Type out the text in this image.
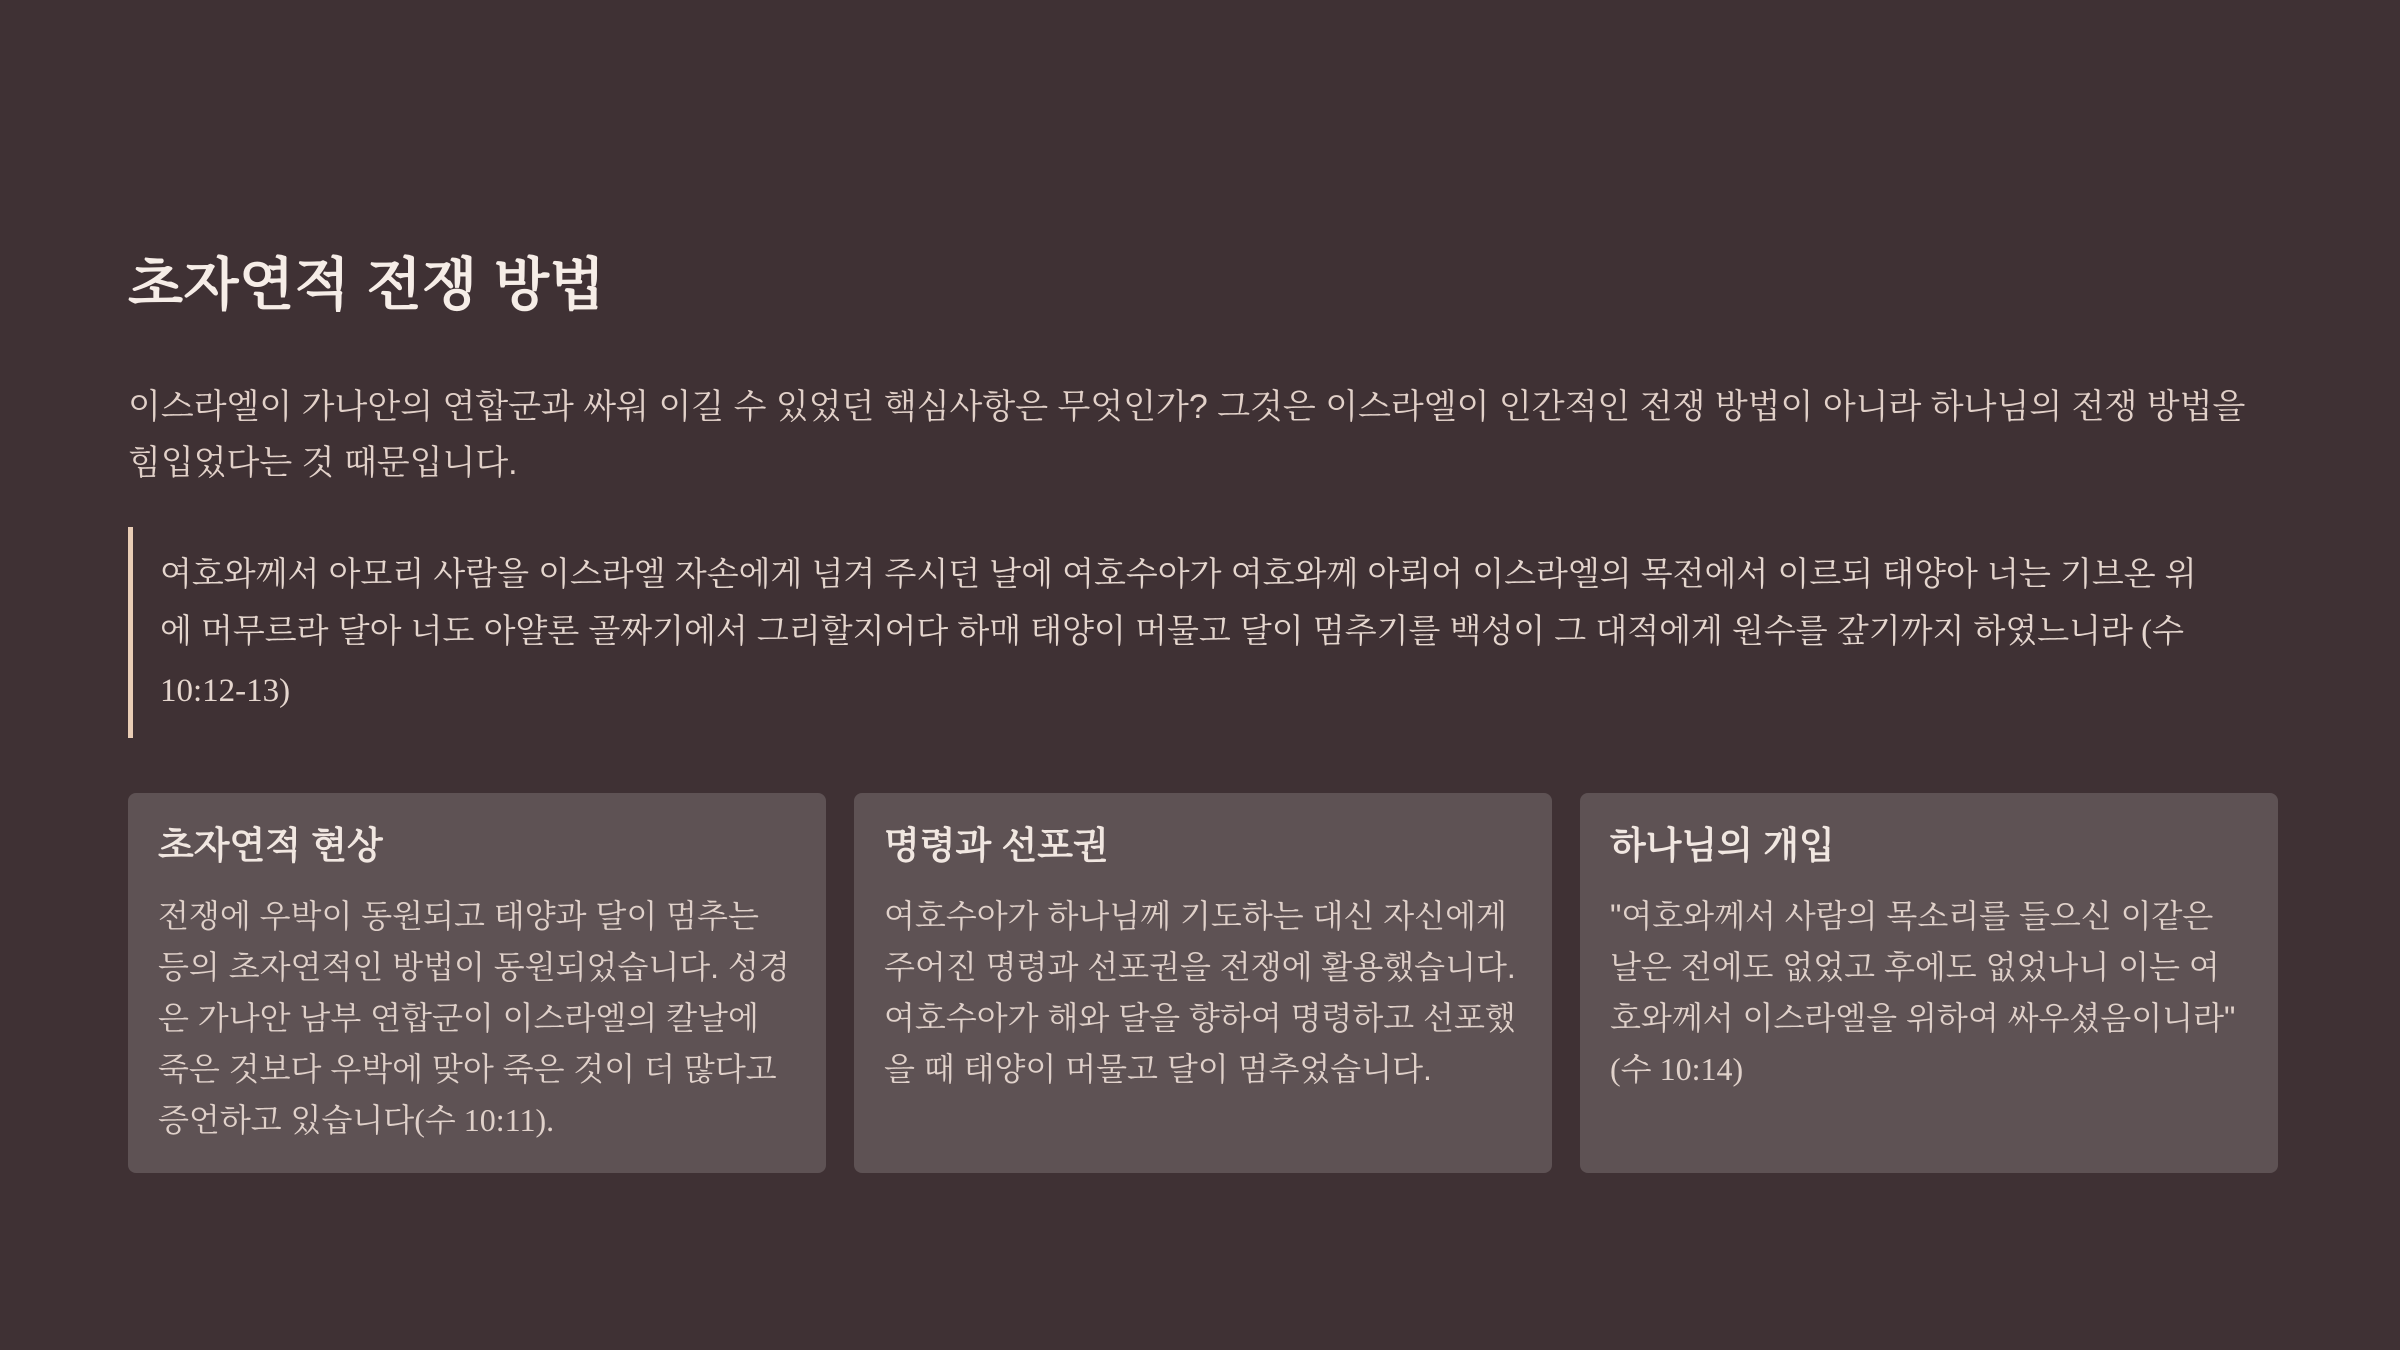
초자연적 전쟁 방법

이스라엘이 가나안의 연합군과 싸워 이길 수 있었던 핵심사항은 무엇인가? 그것은 이스라엘이 인간적인 전쟁 방법이 아니라 하나님의 전쟁 방법을 힘입었다는 것 때문입니다.

여호와께서 아모리 사람을 이스라엘 자손에게 넘겨 주시던 날에 여호수아가 여호와께 아뢰어 이스라엘의 목전에서 이르되 태양아 너는 기브온 위에 머무르라 달아 너도 아얄론 골짜기에서 그리할지어다 하매 태양이 머물고 달이 멈추기를 백성이 그 대적에게 원수를 갚기까지 하였느니라 (수 10:12-13)
초자연적 현상

전쟁에 우박이 동원되고 태양과 달이 멈추는 등의 초자연적인 방법이 동원되었습니다. 성경은 가나안 남부 연합군이 이스라엘의 칼날에 죽은 것보다 우박에 맞아 죽은 것이 더 많다고 증언하고 있습니다(수 10:11).

명령과 선포권

여호수아가 하나님께 기도하는 대신 자신에게 주어진 명령과 선포권을 전쟁에 활용했습니다. 여호수아가 해와 달을 향하여 명령하고 선포했을 때 태양이 머물고 달이 멈추었습니다.

하나님의 개입

"여호와께서 사람의 목소리를 들으신 이같은 날은 전에도 없었고 후에도 없었나니 이는 여호와께서 이스라엘을 위하여 싸우셨음이니라" (수 10:14)
